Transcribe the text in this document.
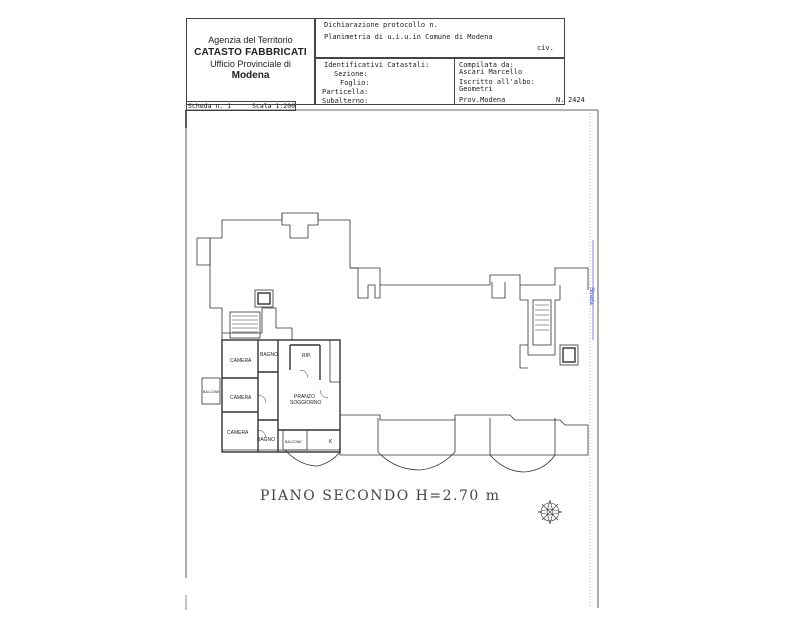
Agenzia del Territorio
CATASTO FABBRICATI
Ufficio Provinciale di
Modena
Dichiarazione protocollo n.
Planimetria di u.i.u.in Comune di Modena
civ.
Identificativi Catastali:
Sezione:
Foglio:
Particella:
Subalterno:
Compilata da:
Ascari Marcello
Iscritto all'albo:
Geometri
Prov.Modena	N. 2424
Scheda n. 1	Scala 1:200
CAMERA
CAMERA
CAMERA
BAGNO
BAGNO
RIP.
PRANZO
SOGGIORNO
BALCONE
BALCONE	K
Strada
PIANO SECONDO H=2.70 m
